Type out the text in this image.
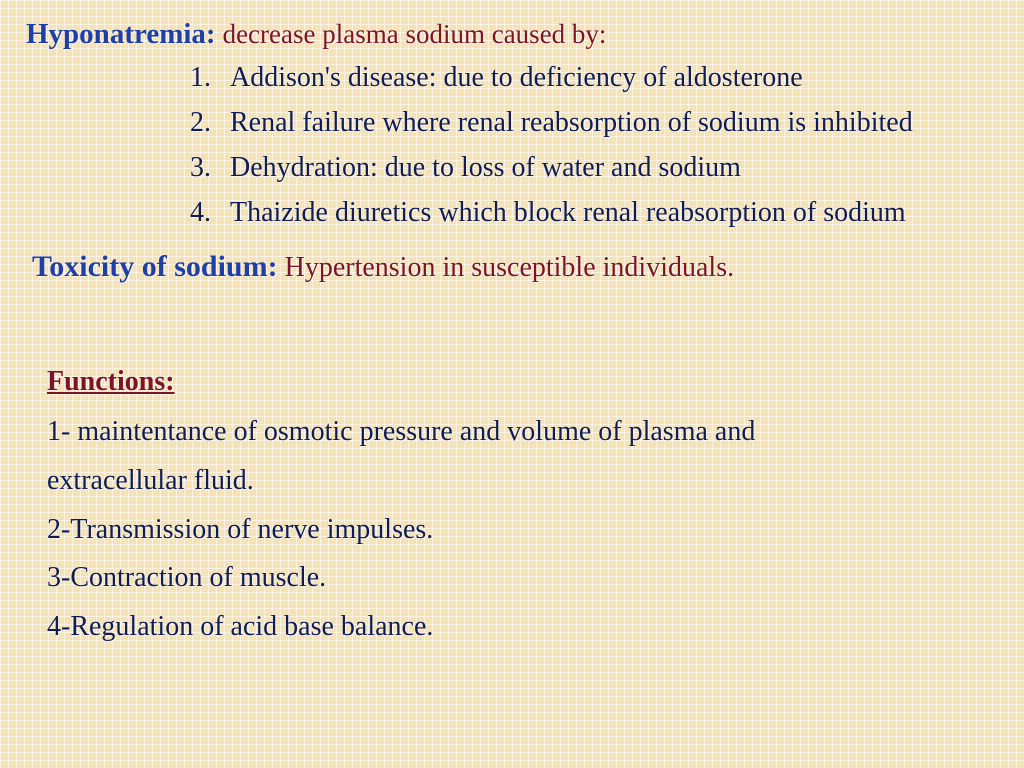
Hyponatremia: decrease plasma sodium caused by:
1. Addison's disease: due to deficiency of aldosterone
2. Renal failure where renal reabsorption of sodium is inhibited
3. Dehydration: due to loss of water and sodium
4. Thaizide diuretics which block renal reabsorption of sodium
Toxicity of sodium: Hypertension in susceptible individuals.
Functions:
1- maintentance of osmotic pressure and volume of plasma and
extracellular fluid.
2-Transmission of nerve impulses.
3-Contraction of muscle.
4-Regulation of acid base balance.
